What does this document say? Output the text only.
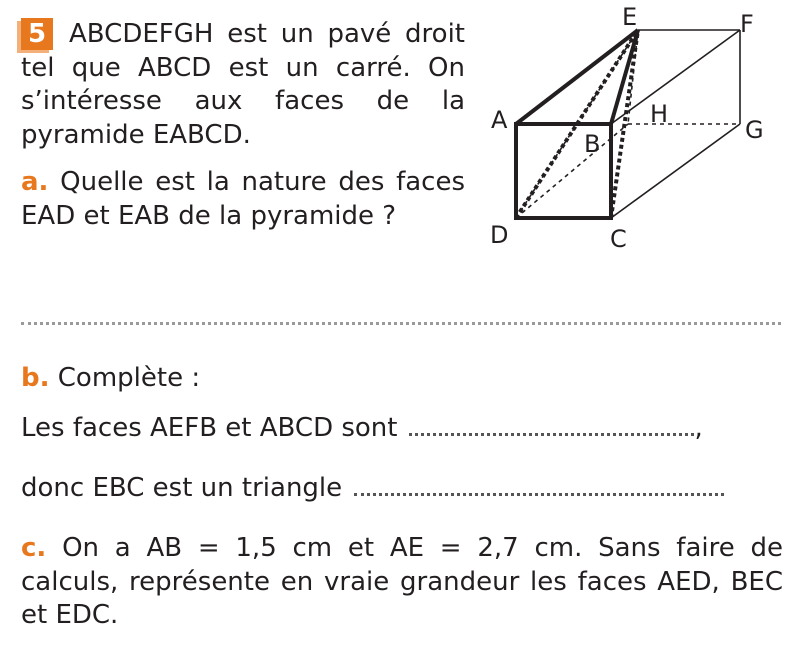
5 ABCDEFGH est un pavé droit tel que ABCD est un carré. On s’intéresse aux faces de la pyramide EABCD.
a. Quelle est la nature des faces EAD et EAB de la pyramide ?
E	F
A
B
H
G
D	C
b. Complète :
Les faces AEFB et ABCD sont	,
donc EBC est un triangle
c. On a AB = 1,5 cm et AE = 2,7 cm. Sans faire de calculs, représente en vraie grandeur les faces AED, BEC et EDC.
